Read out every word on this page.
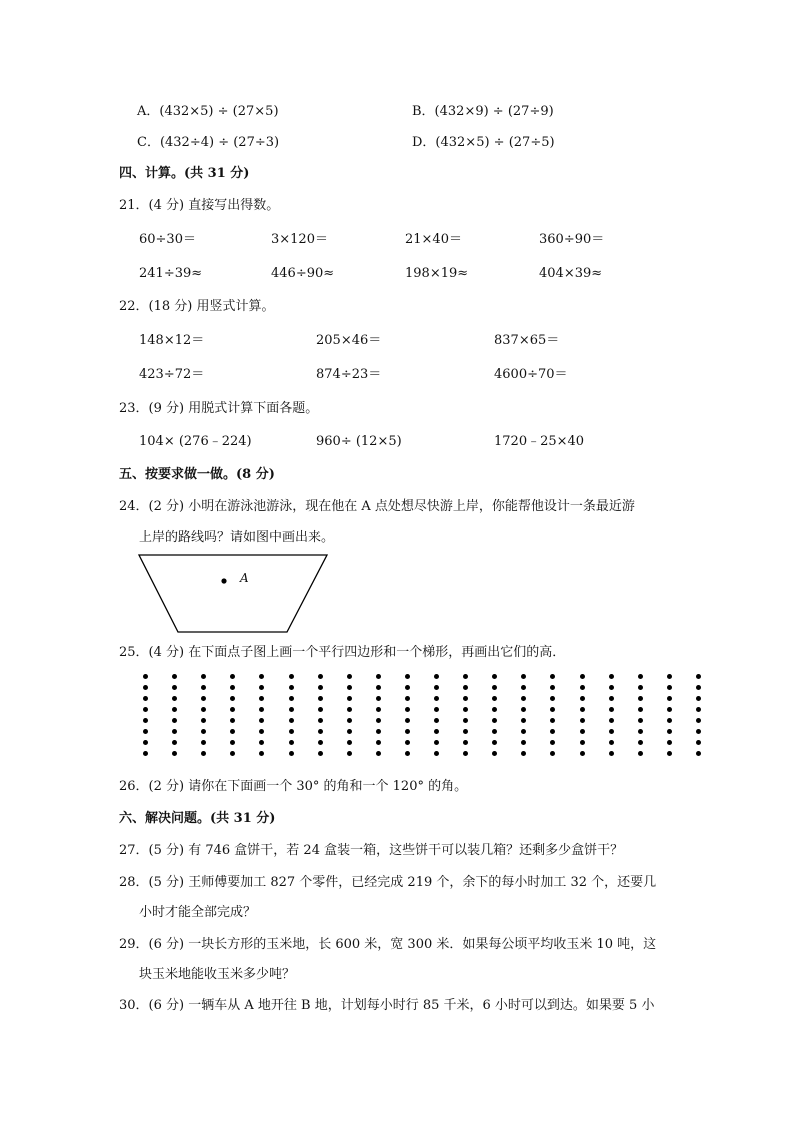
A．(432×5) ÷ (27×5)	B．(432×9) ÷ (27÷9)
C．(432÷4) ÷ (27÷3)	D．(432×5) ÷ (27÷5)
四、计算。(共 31 分)
21．(4 分) 直接写出得数。
60÷30＝	3×120＝	21×40＝	360÷90＝
241÷39≈	446÷90≈	198×19≈	404×39≈
22．(18 分) 用竖式计算。
148×12＝	205×46＝	837×65＝
423÷72＝	874÷23＝	4600÷70＝
23．(9 分) 用脱式计算下面各题。
104× (276﹣224)	960÷ (12×5)	1720﹣25×40
五、按要求做一做。(8 分)
24．(2 分) 小明在游泳池游泳，现在他在 A 点处想尽快游上岸，你能帮他设计一条最近游
上岸的路线吗？请如图中画出来。
A
25．(4 分) 在下面点子图上画一个平行四边形和一个梯形，再画出它们的高．
26．(2 分) 请你在下面画一个 30° 的角和一个 120° 的角。
六、解决问题。(共 31 分)
27．(5 分) 有 746 盒饼干，若 24 盒装一箱，这些饼干可以装几箱？还剩多少盒饼干？
28．(5 分) 王师傅要加工 827 个零件，已经完成 219 个，余下的每小时加工 32 个，还要几
小时才能全部完成？
29．(6 分) 一块长方形的玉米地，长 600 米，宽 300 米．如果每公顷平均收玉米 10 吨，这
块玉米地能收玉米多少吨？
30．(6 分) 一辆车从 A 地开往 B 地，计划每小时行 85 千米，6 小时可以到达。如果要 5 小
